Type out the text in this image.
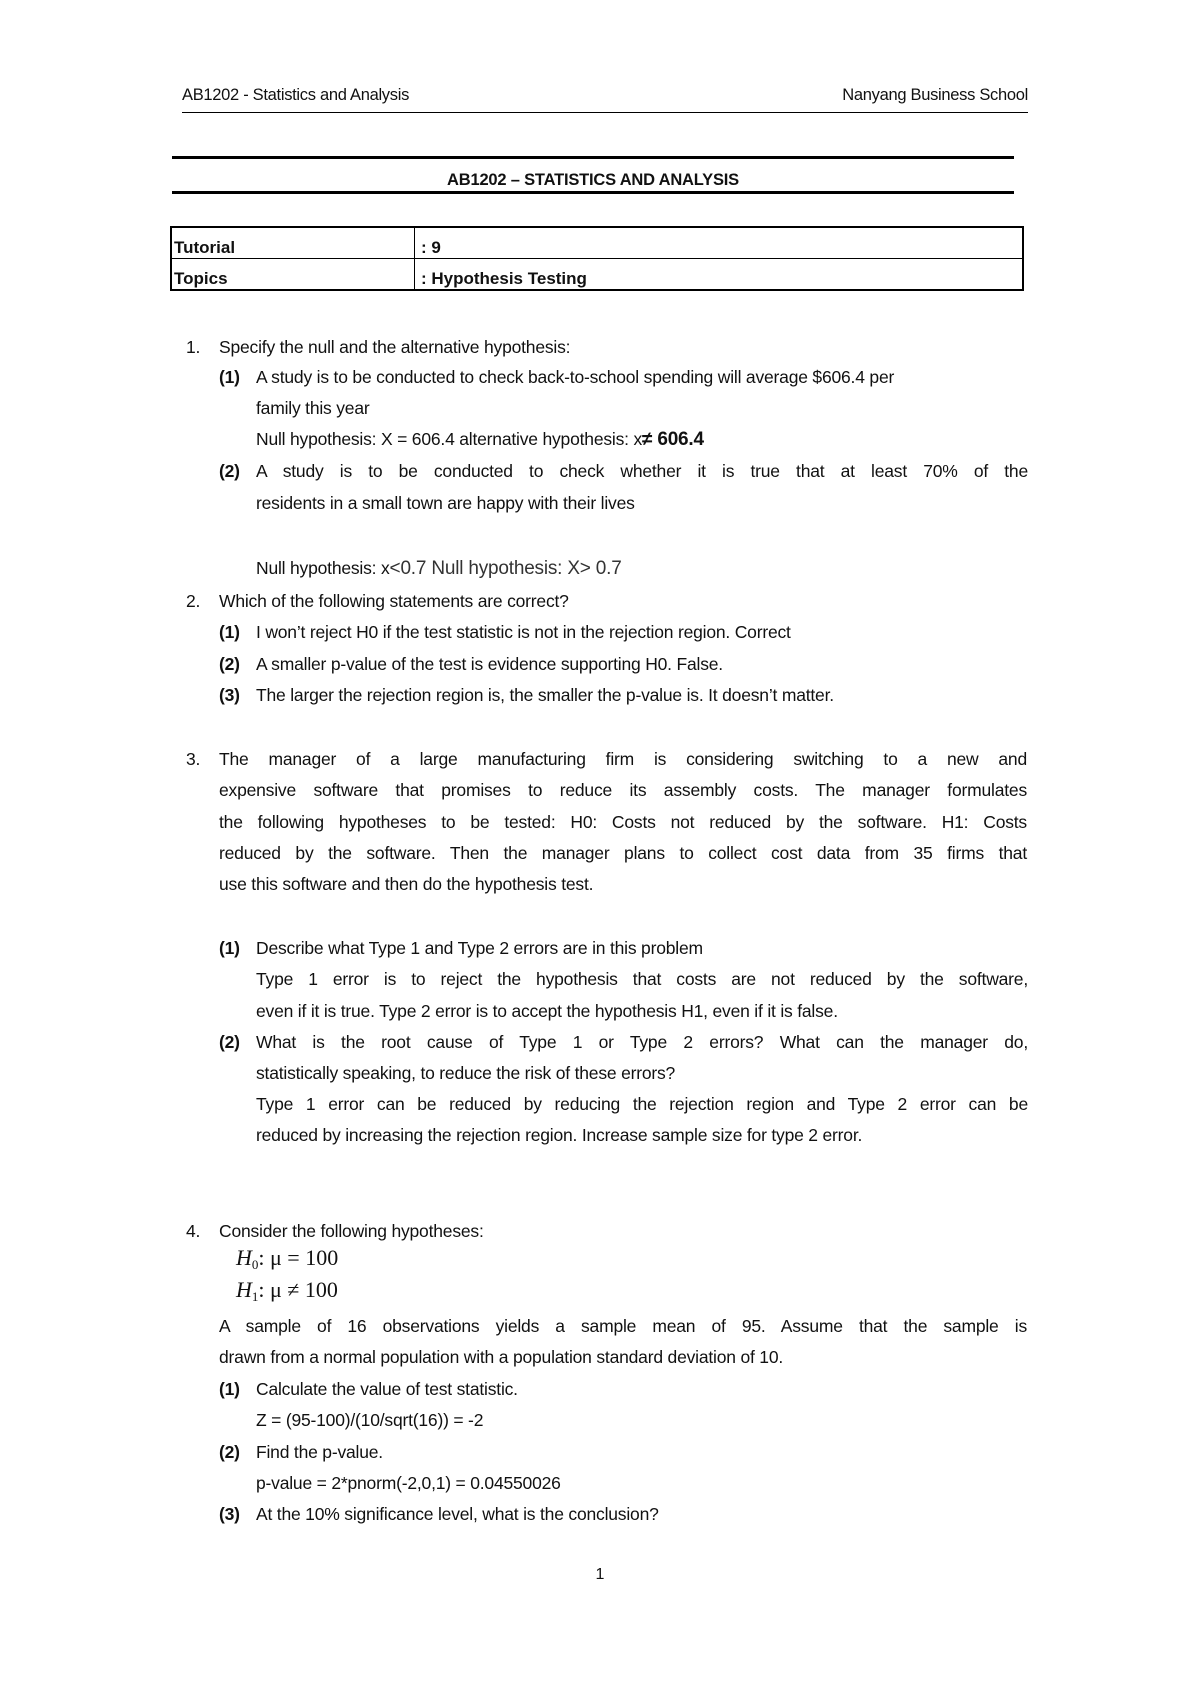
AB1202 - Statistics and Analysis	Nanyang Business School
AB1202 – STATISTICS AND ANALYSIS
Tutorial	: 9
Topics	: Hypothesis Testing
1. Specify the null and the alternative hypothesis:
(1) A study is to be conducted to check back-to-school spending will average $606.4 per
family this year
Null hypothesis: X = 606.4 alternative hypothesis: x≠ 606.4
(2) A study is to be conducted to check whether it is true that at least 70% of the
residents in a small town are happy with their lives
Null hypothesis: x<0.7 Null hypothesis: X> 0.7
2. Which of the following statements are correct?
(1) I won’t reject H0 if the test statistic is not in the rejection region. Correct
(2) A smaller p-value of the test is evidence supporting H0. False.
(3) The larger the rejection region is, the smaller the p-value is. It doesn’t matter.
3. The manager of a large manufacturing firm is considering switching to a new and
expensive software that promises to reduce its assembly costs. The manager formulates
the following hypotheses to be tested: H0: Costs not reduced by the software. H1: Costs
reduced by the software. Then the manager plans to collect cost data from 35 firms that
use this software and then do the hypothesis test.
(1) Describe what Type 1 and Type 2 errors are in this problem
Type 1 error is to reject the hypothesis that costs are not reduced by the software,
even if it is true. Type 2 error is to accept the hypothesis H1, even if it is false.
(2) What is the root cause of Type 1 or Type 2 errors? What can the manager do,
statistically speaking, to reduce the risk of these errors?
Type 1 error can be reduced by reducing the rejection region and Type 2 error can be
reduced by increasing the rejection region. Increase sample size for type 2 error.
4. Consider the following hypotheses:
$H_0$: μ = 100
$H_1$: μ ≠ 100
A sample of 16 observations yields a sample mean of 95. Assume that the sample is
drawn from a normal population with a population standard deviation of 10.
(1) Calculate the value of test statistic.
Z = (95-100)/(10/sqrt(16)) = -2
(2) Find the p-value.
p-value = 2*pnorm(-2,0,1) = 0.04550026
(3) At the 10% significance level, what is the conclusion?
1
